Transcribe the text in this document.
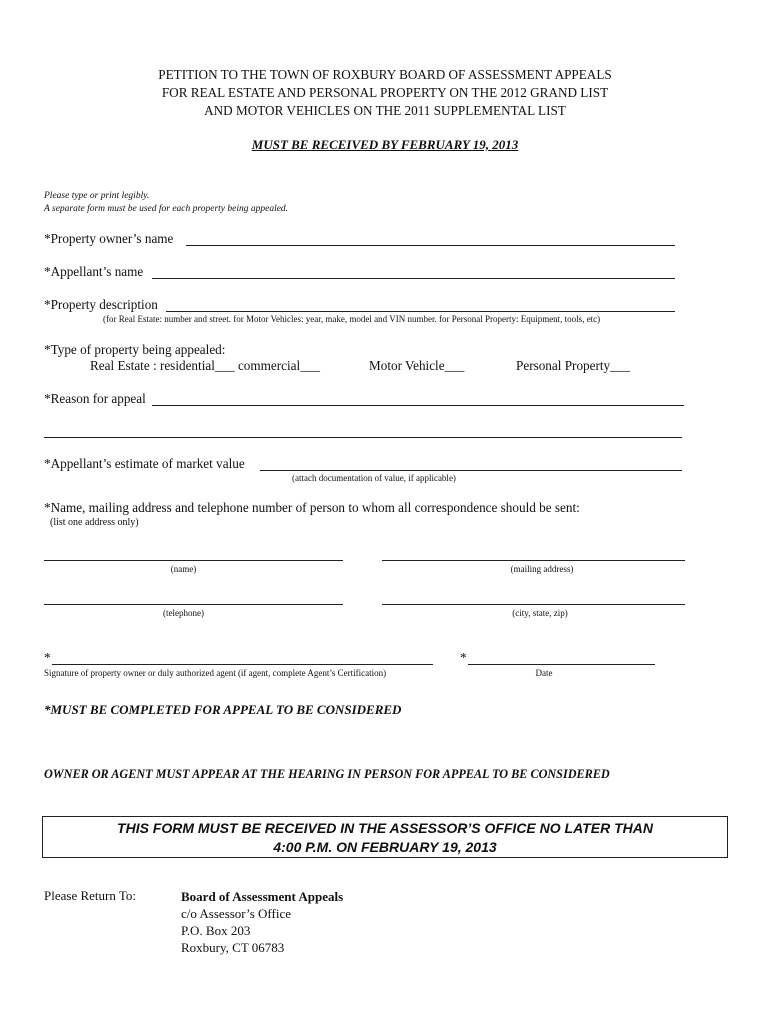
PETITION TO THE TOWN OF ROXBURY BOARD OF ASSESSMENT APPEALS
FOR REAL ESTATE AND PERSONAL PROPERTY ON THE 2012 GRAND LIST
AND MOTOR VEHICLES ON THE 2011 SUPPLEMENTAL LIST
MUST BE RECEIVED BY FEBRUARY 19, 2013
Please type or print legibly.
A separate form must be used for each property being appealed.
*Property owner’s name
*Appellant’s name
*Property description
(for Real Estate: number and street. for Motor Vehicles: year, make, model and VIN number. for Personal Property: Equipment, tools, etc)
*Type of property being appealed:
Real Estate : residential___ commercial___	Motor Vehicle___	Personal Property___
*Reason for appeal
*Appellant’s estimate of market value
(attach documentation of value, if applicable)
*Name, mailing address and telephone number of person to whom all correspondence should be sent:
(list one address only)
(name)	(mailing address)
(telephone)	(city, state, zip)
*
Signature of property owner or duly authorized agent (if agent, complete Agent’s Certification)
*
Date
*MUST BE COMPLETED FOR APPEAL TO BE CONSIDERED
OWNER OR AGENT MUST APPEAR AT THE HEARING IN PERSON FOR APPEAL TO BE CONSIDERED
THIS FORM MUST BE RECEIVED IN THE ASSESSOR’S OFFICE NO LATER THAN
4:00 P.M. ON FEBRUARY 19, 2013
Please Return To:	Board of Assessment Appeals
c/o Assessor’s Office
P.O. Box 203
Roxbury, CT 06783
